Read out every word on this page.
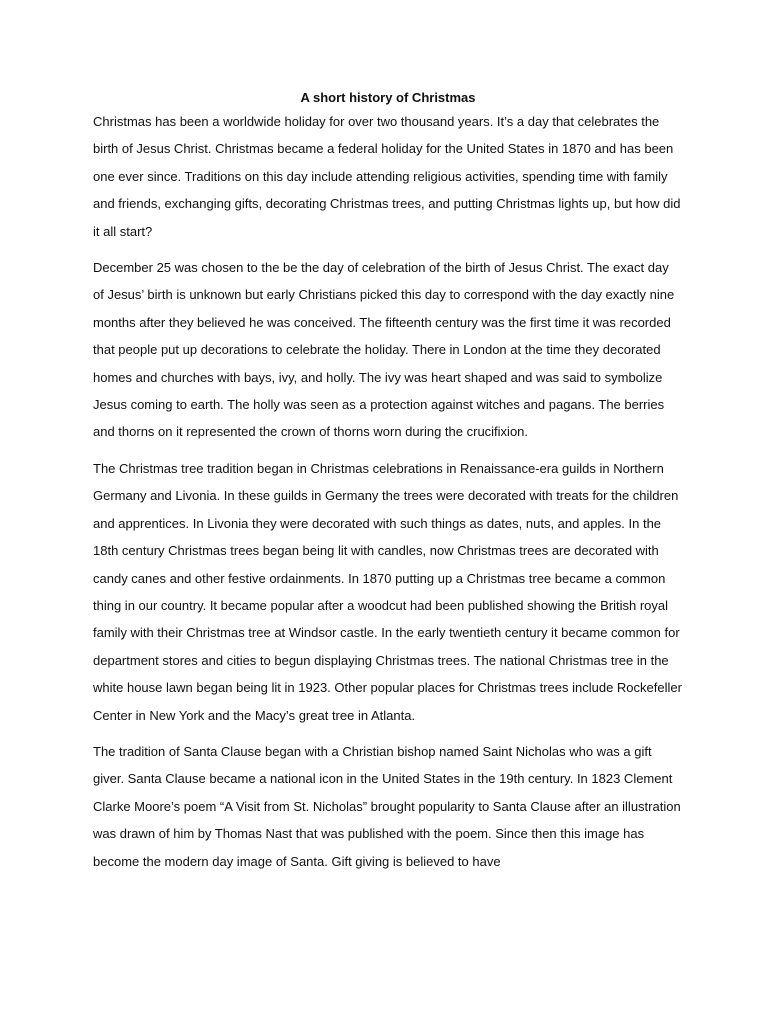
A short history of Christmas

Christmas has been a worldwide holiday for over two thousand years. It’s a day that celebrates the birth of Jesus Christ. Christmas became a federal holiday for the United States in 1870 and has been one ever since. Traditions on this day include attending religious activities, spending time with family and friends, exchanging gifts, decorating Christmas trees, and putting Christmas lights up, but how did it all start?

December 25 was chosen to the be the day of celebration of the birth of Jesus Christ. The exact day of Jesus’ birth is unknown but early Christians picked this day to correspond with the day exactly nine months after they believed he was conceived. The fifteenth century was the first time it was recorded that people put up decorations to celebrate the holiday. There in London at the time they decorated homes and churches with bays, ivy, and holly. The ivy was heart shaped and was said to symbolize Jesus coming to earth. The holly was seen as a protection against witches and pagans. The berries and thorns on it represented the crown of thorns worn during the crucifixion.

The Christmas tree tradition began in Christmas celebrations in Renaissance-era guilds in Northern Germany and Livonia. In these guilds in Germany the trees were decorated with treats for the children and apprentices. In Livonia they were decorated with such things as dates, nuts, and apples. In the 18th century Christmas trees began being lit with candles, now Christmas trees are decorated with candy canes and other festive ordainments. In 1870 putting up a Christmas tree became a common thing in our country. It became popular after a woodcut had been published showing the British royal family with their Christmas tree at Windsor castle. In the early twentieth century it became common for department stores and cities to begun displaying Christmas trees. The national Christmas tree in the white house lawn began being lit in 1923. Other popular places for Christmas trees include Rockefeller Center in New York and the Macy’s great tree in Atlanta.

The tradition of Santa Clause began with a Christian bishop named Saint Nicholas who was a gift giver. Santa Clause became a national icon in the United States in the 19th century. In 1823 Clement Clarke Moore’s poem “A Visit from St. Nicholas” brought popularity to Santa Clause after an illustration was drawn of him by Thomas Nast that was published with the poem. Since then this image has become the modern day image of Santa. Gift giving is believed to have
